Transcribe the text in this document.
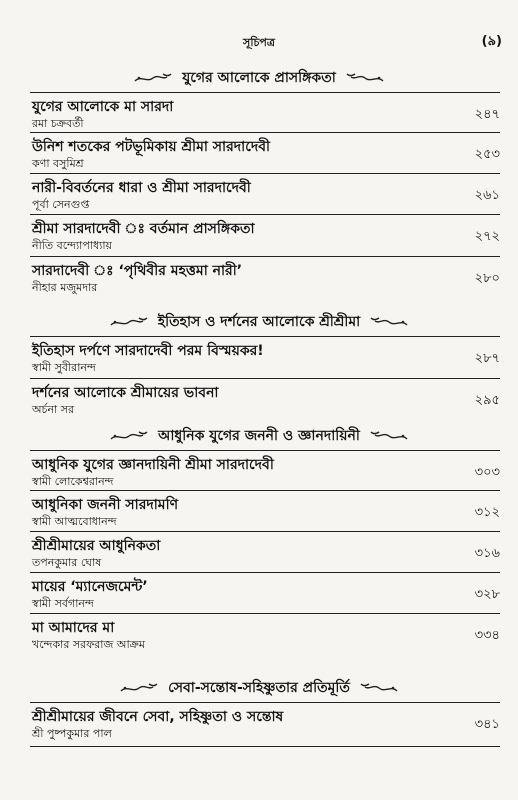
সূচিপত্র	(৯)
যুগের আলোকে প্রাসঙ্গিকতা
যুগের আলোকে মা সারদা
রমা চক্রবর্তী
২৪৭
উনিশ শতকের পটভূমিকায় শ্রীমা সারদাদেবী
কণা বসুমিশ্র
২৫৩
নারী-বিবর্তনের ধারা ও শ্রীমা সারদাদেবী
পূর্বা সেনগুপ্ত
২৬১
শ্রীমা সারদাদেবী ঃ বর্তমান প্রাসঙ্গিকতা
নীতি বন্দ্যোপাধ্যায়
২৭২
সারদাদেবী ঃ ‘পৃথিবীর মহত্তমা নারী’
নীহার মজুমদার
২৮০
ইতিহাস ও দর্শনের আলোকে শ্রীশ্রীমা
ইতিহাস দর্পণে সারদাদেবী পরম বিস্ময়কর!
স্বামী সুবীরানন্দ
২৮৭
দর্শনের আলোকে শ্রীমায়ের ভাবনা
অর্চনা সর
২৯৫
আধুনিক যুগের জননী ও জ্ঞানদায়িনী
আধুনিক যুগের জ্ঞানদায়িনী শ্রীমা সারদাদেবী
স্বামী লোকেশ্বরানন্দ
৩০৩
আধুনিকা জননী সারদামণি
স্বামী আত্মবোধানন্দ
৩১২
শ্রীশ্রীমায়ের আধুনিকতা
তপনকুমার ঘোষ
৩১৬
মায়ের ‘ম্যানেজমেন্ট’
স্বামী সর্বগানন্দ
৩২৮
মা আমাদের মা
খন্দেকার সরফরাজ আক্রম
৩৩৪
সেবা-সন্তোষ-সহিষ্ণুতার প্রতিমূর্তি
শ্রীশ্রীমায়ের জীবনে সেবা, সহিষ্ণুতা ও সন্তোষ
শ্রী পুষ্পকুমার পাল
৩৪১
